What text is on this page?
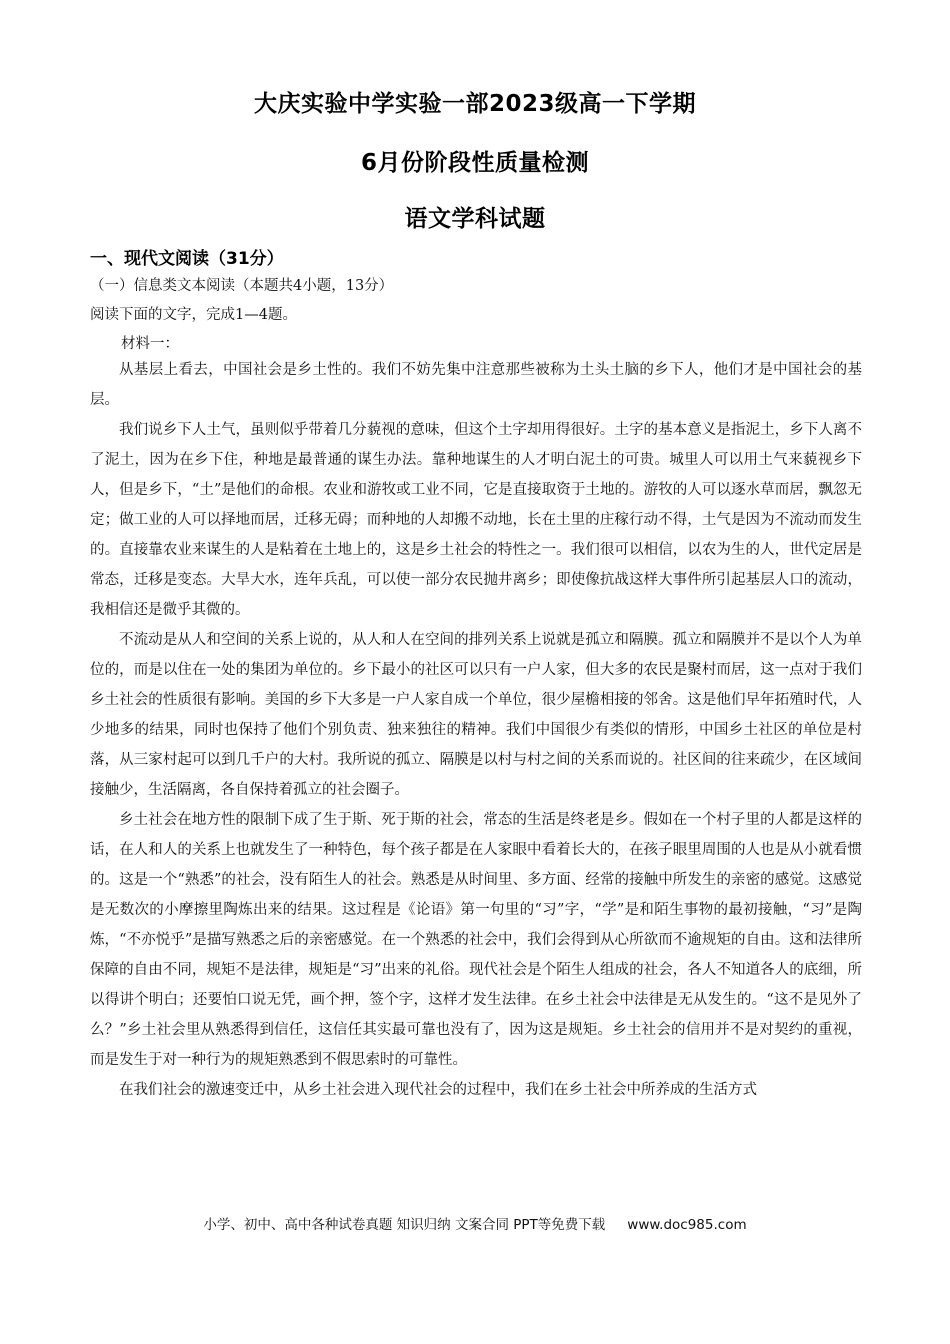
大庆实验中学实验一部2023级高一下学期
6月份阶段性质量检测
语文学科试题
一、现代文阅读（31分）
（一）信息类文本阅读（本题共4小题，13分）
阅读下面的文字，完成1—4题。
材料一：

从基层上看去，中国社会是乡土性的。我们不妨先集中注意那些被称为土头土脑的乡下人，他们才是中国社会的基层。

我们说乡下人土气，虽则似乎带着几分藐视的意味，但这个土字却用得很好。土字的基本意义是指泥土，乡下人离不了泥土，因为在乡下住，种地是最普通的谋生办法。靠种地谋生的人才明白泥土的可贵。城里人可以用土气来藐视乡下人，但是乡下，“土”是他们的命根。农业和游牧或工业不同，它是直接取资于土地的。游牧的人可以逐水草而居，飘忽无定；做工业的人可以择地而居，迁移无碍；而种地的人却搬不动地，长在土里的庄稼行动不得，土气是因为不流动而发生的。直接靠农业来谋生的人是粘着在土地上的，这是乡土社会的特性之一。我们很可以相信，以农为生的人，世代定居是常态，迁移是变态。大旱大水，连年兵乱，可以使一部分农民抛井离乡；即使像抗战这样大事件所引起基层人口的流动，我相信还是微乎其微的。

不流动是从人和空间的关系上说的，从人和人在空间的排列关系上说就是孤立和隔膜。孤立和隔膜并不是以个人为单位的，而是以住在一处的集团为单位的。乡下最小的社区可以只有一户人家，但大多的农民是聚村而居，这一点对于我们乡土社会的性质很有影响。美国的乡下大多是一户人家自成一个单位，很少屋檐相接的邻舍。这是他们早年拓殖时代，人少地多的结果，同时也保持了他们个别负责、独来独往的精神。我们中国很少有类似的情形，中国乡土社区的单位是村落，从三家村起可以到几千户的大村。我所说的孤立、隔膜是以村与村之间的关系而说的。社区间的往来疏少，在区域间接触少，生活隔离，各自保持着孤立的社会圈子。

乡土社会在地方性的限制下成了生于斯、死于斯的社会，常态的生活是终老是乡。假如在一个村子里的人都是这样的话，在人和人的关系上也就发生了一种特色，每个孩子都是在人家眼中看着长大的，在孩子眼里周围的人也是从小就看惯的。这是一个“熟悉”的社会，没有陌生人的社会。熟悉是从时间里、多方面、经常的接触中所发生的亲密的感觉。这感觉是无数次的小摩擦里陶炼出来的结果。这过程是《论语》第一句里的“习”字，“学”是和陌生事物的最初接触，“习”是陶炼，“不亦悦乎”是描写熟悉之后的亲密感觉。在一个熟悉的社会中，我们会得到从心所欲而不逾规矩的自由。这和法律所保障的自由不同，规矩不是法律，规矩是“习”出来的礼俗。现代社会是个陌生人组成的社会，各人不知道各人的底细，所以得讲个明白；还要怕口说无凭，画个押，签个字，这样才发生法律。在乡土社会中法律是无从发生的。“这不是见外了么？”乡土社会里从熟悉得到信任，这信任其实最可靠也没有了，因为这是规矩。乡土社会的信用并不是对契约的重视，而是发生于对一种行为的规矩熟悉到不假思索时的可靠性。

在我们社会的激速变迁中，从乡土社会进入现代社会的过程中，我们在乡土社会中所养成的生活方式

小学、初中、高中各种试卷真题 知识归纳 文案合同 PPT等免费下载 www.doc985.com
